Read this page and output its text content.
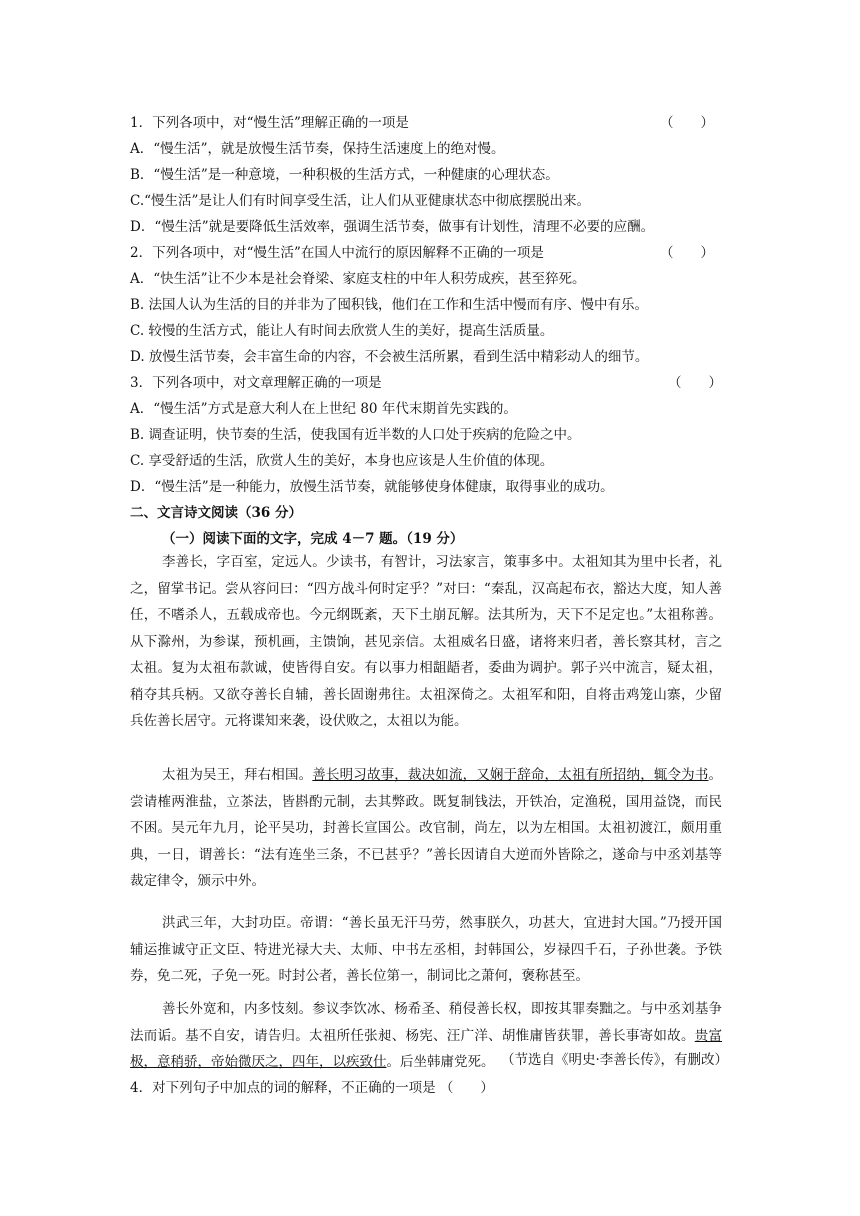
1．下列各项中，对“慢生活”理解正确的一项是	（　　）
A．“慢生活”，就是放慢生活节奏，保持生活速度上的绝对慢。
B．“慢生活”是一种意境，一种积极的生活方式，一种健康的心理状态。
C.“慢生活”是让人们有时间享受生活，让人们从亚健康状态中彻底摆脱出来。
D．“慢生活”就是要降低生活效率，强调生活节奏，做事有计划性，清理不必要的应酬。
2．下列各项中，对“慢生活”在国人中流行的原因解释不正确的一项是	（　　）
A．“快生活”让不少本是社会脊梁、家庭支柱的中年人积劳成疾，甚至猝死。
B. 法国人认为生活的目的并非为了囤积钱，他们在工作和生活中慢而有序、慢中有乐。
C. 较慢的生活方式，能让人有时间去欣赏人生的美好，提高生活质量。
D. 放慢生活节奏，会丰富生命的内容，不会被生活所累，看到生活中精彩动人的细节。
3．下列各项中，对文章理解正确的一项是	（　　）
A．“慢生活”方式是意大利人在上世纪 80 年代末期首先实践的。
B. 调查证明，快节奏的生活，使我国有近半数的人口处于疾病的危险之中。
C. 享受舒适的生活，欣赏人生的美好，本身也应该是人生价值的体现。
D．“慢生活”是一种能力，放慢生活节奏，就能够使身体健康，取得事业的成功。
二、文言诗文阅读（36 分）
（一）阅读下面的文字，完成 4－7 题。（19 分）
李善长，字百室，定远人。少读书，有智计，习法家言，策事多中。太祖知其为里中长者，礼之，留掌书记。尝从容问曰：“四方战斗何时定乎？”对曰：“秦乱，汉高起布衣，豁达大度，知人善任，不嗜杀人，五载成帝也。今元纲既紊，天下土崩瓦解。法其所为，天下不足定也。”太祖称善。从下滁州，为参谋，预机画，主馈饷，甚见亲信。太祖威名日盛，诸将来归者，善长察其材，言之太祖。复为太祖布款诚，使皆得自安。有以事力相龃龉者，委曲为调护。郭子兴中流言，疑太祖，稍夺其兵柄。又欲夺善长自辅，善长固谢弗往。太祖深倚之。太祖军和阳，自将击鸡笼山寨，少留兵佐善长居守。元将谍知来袭，设伏败之，太祖以为能。
太祖为吴王，拜右相国。善长明习故事，裁决如流，又娴于辞命，太祖有所招纳，辄令为书。尝请榷两淮盐，立茶法，皆斟酌元制，去其弊政。既复制钱法，开铁冶，定渔税，国用益饶，而民不困。吴元年九月，论平吴功，封善长宣国公。改官制，尚左，以为左相国。太祖初渡江，颇用重典，一日，谓善长：“法有连坐三条，不已甚乎？”善长因请自大逆而外皆除之，遂命与中丞刘基等裁定律令，颁示中外。
洪武三年，大封功臣。帝谓：“善长虽无汗马劳，然事朕久，功甚大，宜进封大国。”乃授开国辅运推诚守正文臣、特进光禄大夫、太师、中书左丞相，封韩国公，岁禄四千石，子孙世袭。予铁券，免二死，子免一死。时封公者，善长位第一，制词比之萧何，褒称甚至。
善长外宽和，内多忮刻。参议李饮冰、杨希圣、稍侵善长权，即按其罪奏黜之。与中丞刘基争法而诟。基不自安，请告归。太祖所任张昶、杨宪、汪广洋、胡惟庸皆获罪，善长事寄如故。贵富极，意稍骄，帝始微厌之，四年，以疾致仕。后坐韩庸党死。 （节选自《明史·李善长传》，有删改）
4．对下列句子中加点的词的解释，不正确的一项是 （　　）
